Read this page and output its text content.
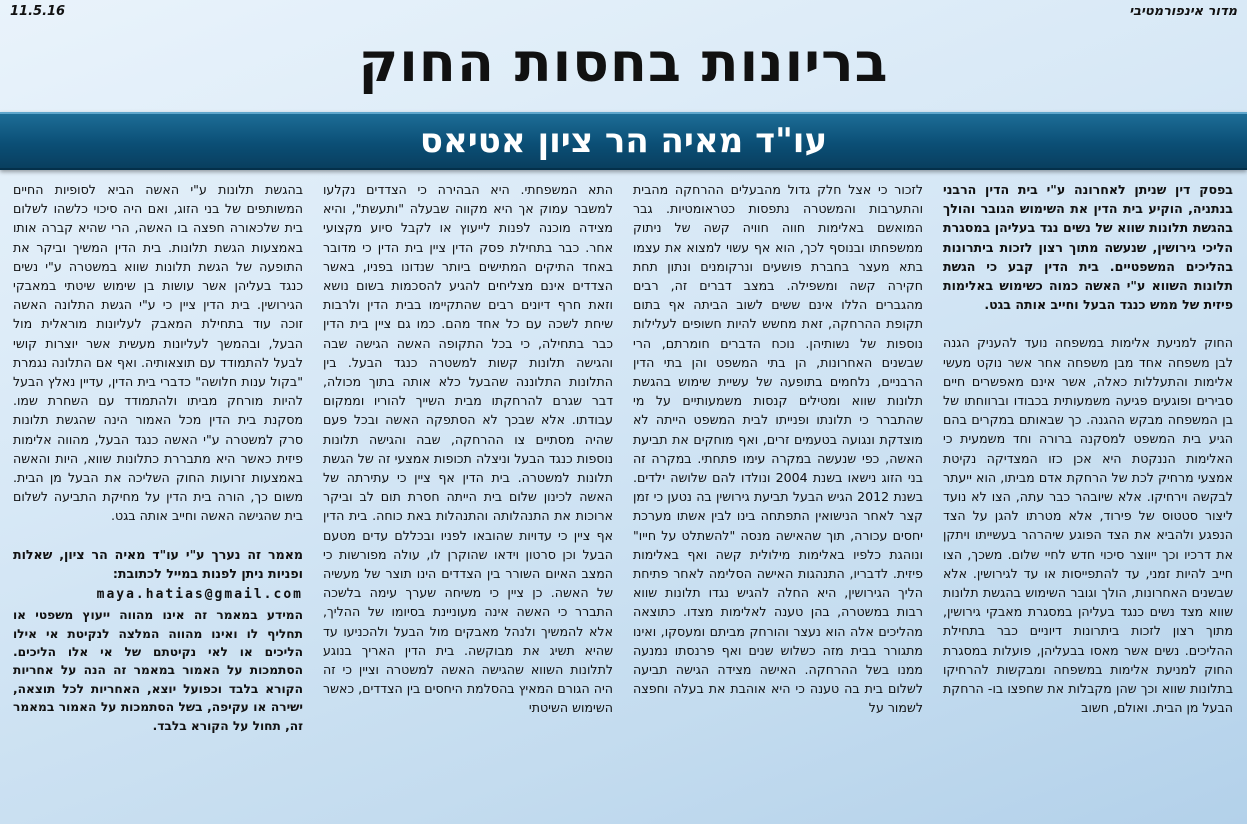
מדור אינפורמטיבי
11.5.16
בריונות בחסות החוק
עו"ד מאיה הר ציון אטיאס

בפסק דין שניתן לאחרונה ע"י בית הדין הרבני בנתניה, הוקיע בית הדין את השימוש הגובר והולך בהגשת תלונות שווא של נשים נגד בעליהן במסגרת הליכי גירושין, שנעשה מתוך רצון לזכות ביתרונות בהליכים המשפטיים. בית הדין קבע כי הגשת תלונות השווא ע"י האשה כמוה כשימוש באלימות פיזית של ממש כנגד הבעל וחייב אותה בגט.

החוק למניעת אלימות במשפחה נועד להעניק הגנה לבן משפחה אחד מבן משפחה אחר אשר נוקט מעשי אלימות והתעללות כאלה, אשר אינם מאפשרים חיים סבירים ופוגעים פגיעה משמעותית בכבודו וברווחתו של בן המשפחה מבקש ההגנה. כך שבאותם במקרים בהם הגיע בית המשפט למסקנה ברורה וחד משמעית כי האלימות הננקטת היא אכן כזו המצדיקה נקיטת אמצעי מרחיק לכת של הרחקת אדם מביתו, הוא ייעתר לבקשה וירחיקו. אלא שיובהר כבר עתה, הצו לא נועד ליצור סטטוס של פירוד, אלא מטרתו להגן על הצד הנפגע ולהביא את הצד הפוגע שיהרהר בעשייתו ויתקן את דרכיו וכך ייווצר סיכוי חדש לחיי שלום. משכך, הצו חייב להיות זמני, עד להתפייסות או עד לגירושין. אלא שבשנים האחרונות, הולך וגובר השימוש בהגשת תלונות שווא מצד נשים כנגד בעליהן במסגרת מאבקי גירושין, מתוך רצון לזכות ביתרונות דיוניים כבר בתחילת ההליכים. נשים אשר מאסו בבעליהן, פועלות במסגרת החוק למניעת אלימות במשפחה ומבקשות להרחיקו בתלונות שווא וכך שהן מקבלות את שחפצו בו- הרחקת הבעל מן הבית. ואולם, חשוב

לזכור כי אצל חלק גדול מהבעלים ההרחקה מהבית והתערבות והמשטרה נתפסות כטראומטיות. גבר המואשם באלימות חווה חוויה קשה של ניתוק ממשפחתו ובנוסף לכך, הוא אף עשוי למצוא את עצמו בתא מעצר בחברת פושעים ונרקומנים ונתון תחת חקירה קשה ומשפילה. במצב דברים זה, רבים מהגברים הללו אינם ששים לשוב הביתה אף בתום תקופת ההרחקה, זאת מחשש להיות חשופים לעלילות נוספות של נשותיהן. נוכח הדברים חומרתם, הרי שבשנים האחרונות, הן בתי המשפט והן בתי הדין הרבניים, נלחמים בתופעה של עשיית שימוש בהגשת תלונות שווא ומטילים קנסות משמעותיים על מי שהתברר כי תלונתו ופנייתו לבית המשפט הייתה לא מוצדקת ונגועה בטעמים זרים, ואף מוחקים את תביעת האשה, כפי שנעשה במקרה עימו פתחתי. במקרה זה בני הזוג נישאו בשנת 2004 ונולדו להם שלושה ילדים. בשנת 2012 הגיש הבעל תביעת גירושין בה נטען כי זמן קצר לאחר הנישואין התפתחה בינו לבין אשתו מערכת יחסים עכורה, תוך שהאישה מנסה "להשתלט על חייו" ונוהגת כלפיו באלימות מילולית קשה ואף באלימות פיזית. לדבריו, התנהגות האישה הסלימה לאחר פתיחת הליך הגירושין, היא החלה להגיש נגדו תלונות שווא רבות במשטרה, בהן טענה לאלימות מצדו. כתוצאה מהליכים אלה הוא נעצר והורחק מביתם ומעסקו, ואינו מתגורר בבית מזה כשלוש שנים ואף פרנסתו נמנעה ממנו בשל ההרחקה. האישה מצידה הגישה תביעה לשלום בית בה טענה כי היא אוהבת את בעלה וחפצה לשמור על

התא המשפחתי. היא הבהירה כי הצדדים נקלעו למשבר עמוק אך היא מקווה שבעלה "ותעשת", והיא מצידה מוכנה לפנות לייעוץ או לקבל סיוע מקצועי אחר. כבר בתחילת פסק הדין ציין בית הדין כי מדובר באחד התיקים המתישים ביותר שנדונו בפניו, באשר הצדדים אינם מצליחים להגיע להסכמות בשום נושא וזאת חרף דיונים רבים שהתקיימו בבית הדין ולרבות שיחת לשכה עם כל אחד מהם. כמו גם ציין בית הדין כבר בתחילה, כי בכל התקופה האשה הגישה שבה והגישה תלונות קשות למשטרה כנגד הבעל. בין התלונות התלוננה שהבעל כלא אותה בתוך מכולה, דבר שגרם להרחקתו מבית השייך להוריו וממקום עבודתו. אלא שבכך לא הסתפקה האשה ובכל פעם שהיה מסתיים צו ההרחקה, שבה והגישה תלונות נוספות כנגד הבעל וניצלה תכופות אמצעי זה של הגשת תלונות למשטרה. בית הדין אף ציין כי עתירתה של האשה לכינון שלום בית הייתה חסרת תום לב וביקר ארוכות את התנהלותה והתנהלות באת כוחה. בית הדין אף ציין כי עדויות שהובאו לפניו ובכללם עדים מטעם הבעל וכן סרטון וידאו שהוקרן לו, עולה מפורשות כי המצב האיום השורר בין הצדדים הינו תוצר של מעשיה של האשה. כן ציין כי משיחה שערך עימה בלשכה התברר כי האשה אינה מעוניינת בסיומו של ההליך, אלא להמשיך ולנהל מאבקים מול הבעל ולהכניעו עד שהיא תשיג את מבוקשה. בית הדין האריך בנוגע לתלונות השווא שהגישה האשה למשטרה וציין כי זה היה הגורם המאיץ בהסלמת היחסים בין הצדדים, כאשר השימוש השיטתי

בהגשת תלונות ע"י האשה הביא לסופיות החיים המשותפים של בני הזוג, ואם היה סיכוי כלשהו לשלום בית שלכאורה חפצה בו האשה, הרי שהיא קברה אותו באמצעות הגשת תלונות. בית הדין המשיך וביקר את התופעה של הגשת תלונות שווא במשטרה ע"י נשים כנגד בעליהן אשר עושות בן שימוש שיטתי במאבקי הגירושין. בית הדין ציין כי ע"י הגשת התלונה האשה זוכה עוד בתחילת המאבק לעליונות מוראלית מול הבעל, ובהמשך לעליונות מעשית אשר יוצרות קושי לבעל להתמודד עם תוצאותיה. ואף אם התלונה נגמרת "בקול ענות חלושה" כדברי בית הדין, עדיין נאלץ הבעל להיות מורחק מביתו ולהתמודד עם השחרת שמו. מסקנת בית הדין מכל האמור הינה שהגשת תלונות סרק למשטרה ע"י האשה כנגד הבעל, מהווה אלימות פיזית כאשר היא מתבררת כתלונות שווא, היות והאשה באמצעות זרועות החוק השליכה את הבעל מן הבית. משום כך, הורה בית הדין על מחיקת התביעה לשלום בית שהגישה האשה וחייב אותה בגט.

מאמר זה נערך ע"י עו"ד מאיה הר ציון, שאלות ופניות ניתן לפנות במייל לכתובת:
maya.hatias@gmail.com
המידע במאמר זה אינו מהווה ייעוץ משפטי או תחליף לו ואינו מהווה המלצה לנקיטת אי אילו הליכים או לאי נקיטתם של אי אלו הליכים. הסתמכות על האמור במאמר זה הנה על אחריות הקורא בלבד וכפועל יוצא, האחריות לכל תוצאה, ישירה או עקיפה, בשל הסתמכות על האמור במאמר זה, תחול על הקורא בלבד.
